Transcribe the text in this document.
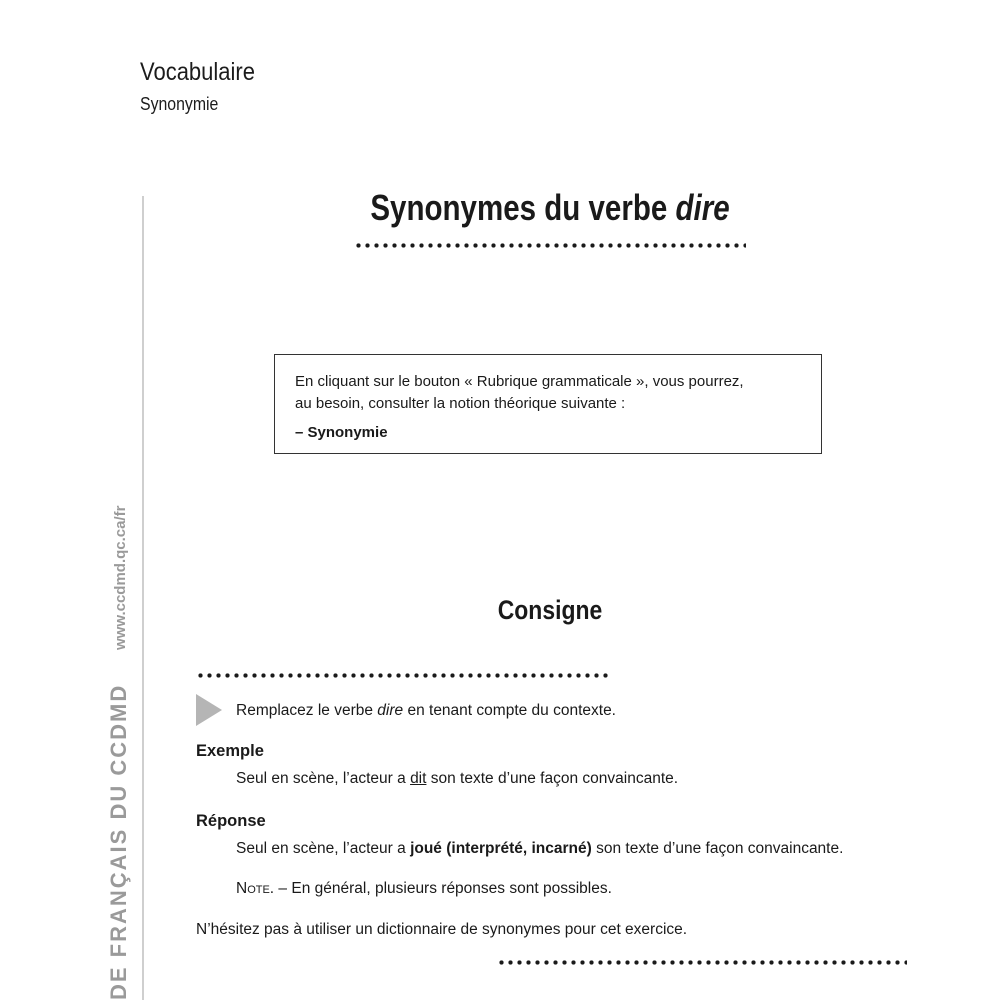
Vocabulaire
Synonymie
DE FRANÇAIS DU CCDMD
www.ccdmd.qc.ca/fr
Synonymes du verbe dire
En cliquant sur le bouton « Rubrique grammaticale », vous pourrez,
au besoin, consulter la notion théorique suivante :
– Synonymie
Consigne
Remplacez le verbe dire en tenant compte du contexte.
Exemple
Seul en scène, l’acteur a dit son texte d’une façon convaincante.
Réponse
Seul en scène, l’acteur a joué (interprété, incarné) son texte d’une façon convaincante.
Note. – En général, plusieurs réponses sont possibles.
N’hésitez pas à utiliser un dictionnaire de synonymes pour cet exercice.
